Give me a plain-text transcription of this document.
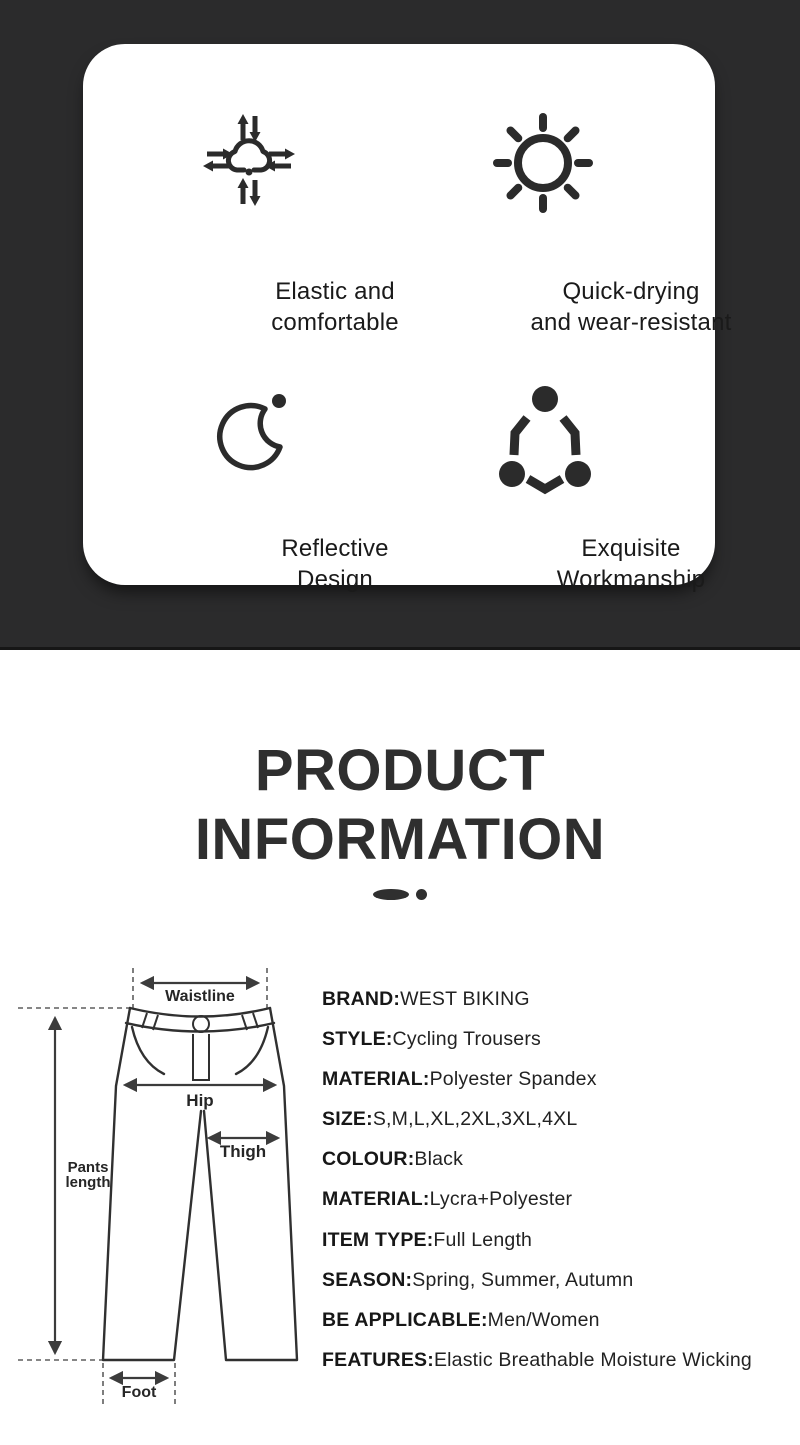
Elastic and
comfortable
Quick-drying
and wear-resistant
Reflective
Design
Exquisite
Workmanship
PRODUCT
INFORMATION
Waistline
Hip
Thigh
Pants
length
Foot
BRAND:WEST BIKING
STYLE:Cycling Trousers
MATERIAL:Polyester Spandex
SIZE:S,M,L,XL,2XL,3XL,4XL
COLOUR:Black
MATERIAL:Lycra+Polyester
ITEM TYPE:Full Length
SEASON:Spring, Summer, Autumn
BE APPLICABLE:Men/Women
FEATURES:Elastic Breathable Moisture Wicking
